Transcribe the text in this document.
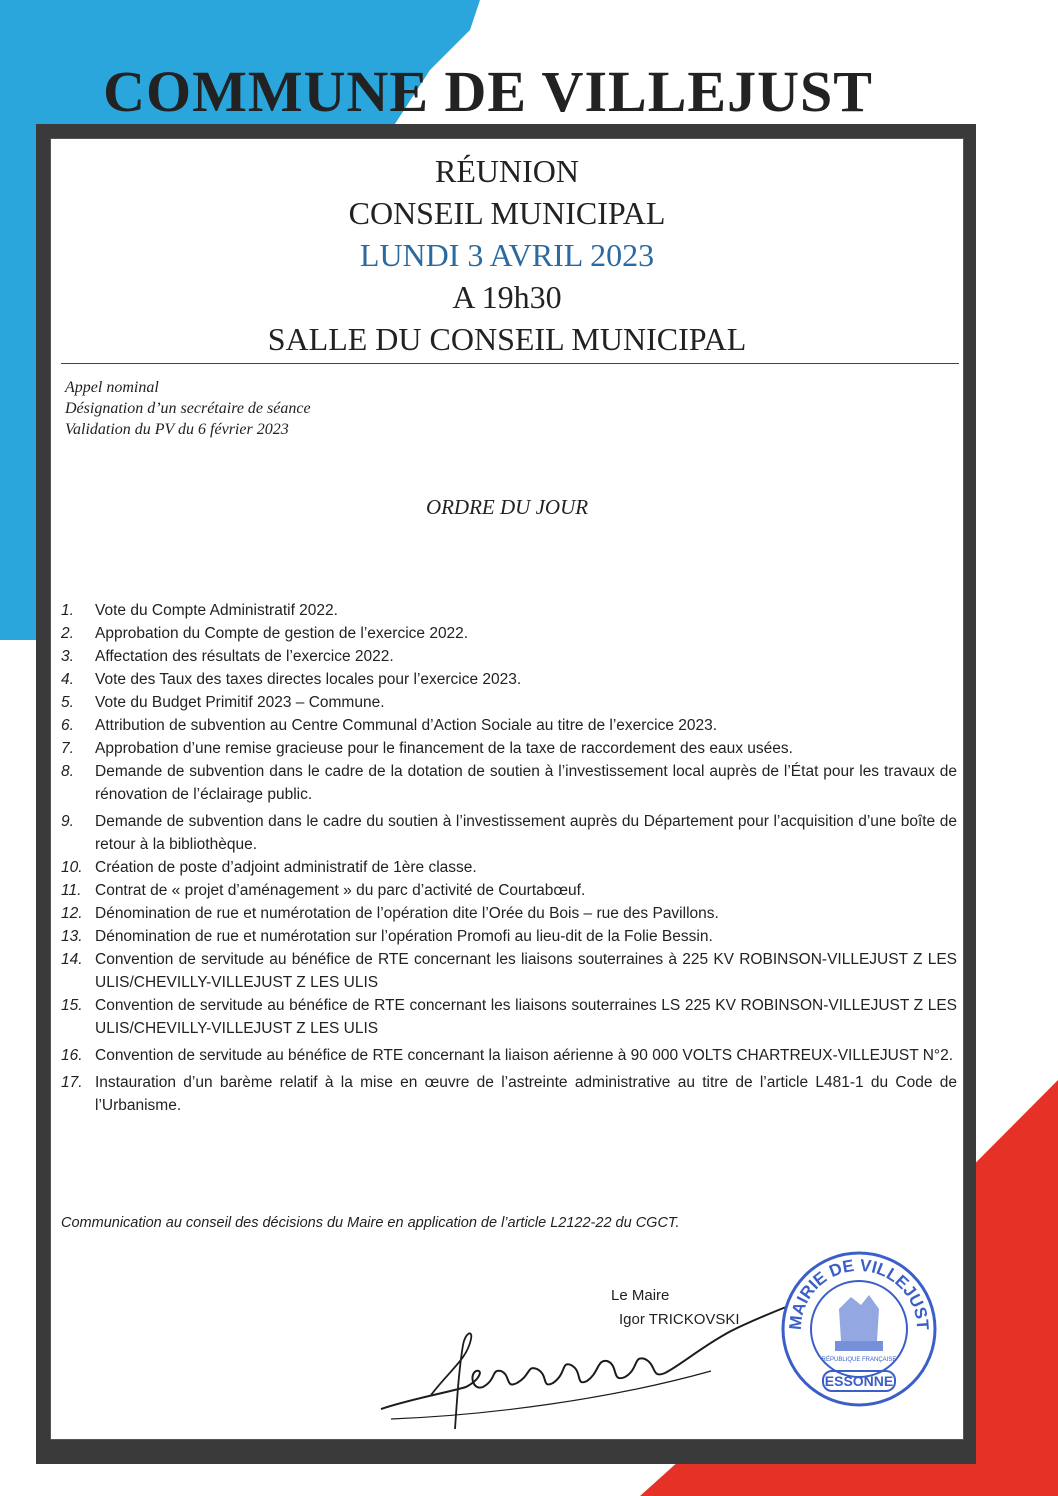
COMMUNE DE VILLEJUST
RÉUNION
CONSEIL MUNICIPAL
LUNDI 3 AVRIL 2023
A 19h30
SALLE DU CONSEIL MUNICIPAL
Appel nominal
Désignation d’un secrétaire de séance
Validation du PV du 6 février 2023
ORDRE DU JOUR
1. Vote du Compte Administratif 2022.
2. Approbation du Compte de gestion de l’exercice 2022.
3. Affectation des résultats de l’exercice 2022.
4. Vote des Taux des taxes directes locales pour l’exercice 2023.
5. Vote du Budget Primitif 2023 – Commune.
6. Attribution de subvention au Centre Communal d’Action Sociale au titre de l’exercice 2023.
7. Approbation d’une remise gracieuse pour le financement de la taxe de raccordement des eaux usées.
8. Demande de subvention dans le cadre de la dotation de soutien à l’investissement local auprès de l’État pour les travaux de rénovation de l’éclairage public.
9. Demande de subvention dans le cadre du soutien à l’investissement auprès du Département pour l’acquisition d’une boîte de retour à la bibliothèque.
10. Création de poste d’adjoint administratif de 1ère classe.
11. Contrat de « projet d’aménagement » du parc d’activité de Courtabœuf.
12. Dénomination de rue et numérotation de l’opération dite l’Orée du Bois – rue des Pavillons.
13. Dénomination de rue et numérotation sur l’opération Promofi au lieu-dit de la Folie Bessin.
14. Convention de servitude au bénéfice de RTE concernant les liaisons souterraines à 225 KV ROBINSON-VILLEJUST Z LES ULIS/CHEVILLY-VILLEJUST Z LES ULIS
15. Convention de servitude au bénéfice de RTE concernant les liaisons souterraines LS 225 KV ROBINSON-VILLEJUST Z LES ULIS/CHEVILLY-VILLEJUST Z LES ULIS
16. Convention de servitude au bénéfice de RTE concernant la liaison aérienne à 90 000 VOLTS CHARTREUX-VILLEJUST N°2.
17. Instauration d’un barème relatif à la mise en œuvre de l’astreinte administrative au titre de l’article L481-1 du Code de l’Urbanisme.
Communication au conseil des décisions du Maire en application de l’article L2122-22 du CGCT.
Le Maire
Igor TRICKOVSKI	MAIRIE DE VILLEJUST
RÉPUBLIQUE FRANÇAISE
ESSONNE
